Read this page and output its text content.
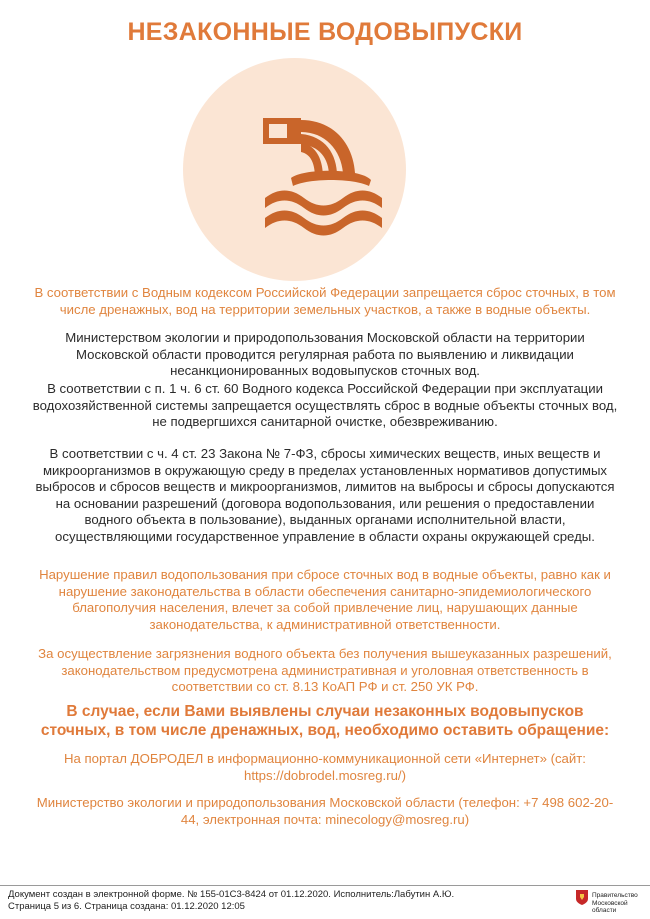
НЕЗАКОННЫЕ ВОДОВЫПУСКИ
В соответствии с Водным кодексом Российской Федерации запрещается сброс сточных, в том числе дренажных, вод на территории земельных участков, а также в водные объекты.
Министерством экологии и природопользования Московской области на территории Московской области проводится регулярная работа по выявлению и ликвидации несанкционированных водовыпусков сточных вод.
В соответствии с п. 1 ч. 6 ст. 60 Водного кодекса Российской Федерации при эксплуатации водохозяйственной системы запрещается осуществлять сброс в водные объекты сточных вод, не подвергшихся санитарной очистке, обезвреживанию.
В соответствии с ч. 4 ст. 23 Закона № 7-ФЗ, сбросы химических веществ, иных веществ и микроорганизмов в окружающую среду в пределах установленных нормативов допустимых выбросов и сбросов веществ и микроорганизмов, лимитов на выбросы и сбросы допускаются на основании разрешений (договора водопользования, или решения о предоставлении водного объекта в пользование), выданных органами исполнительной власти, осуществляющими государственное управление в области охраны окружающей среды.
Нарушение правил водопользования при сбросе сточных вод в водные объекты, равно как и нарушение законодательства в области обеспечения санитарно-эпидемиологического благополучия населения, влечет за собой привлечение лиц, нарушающих данные законодательства, к административной ответственности.
За осуществление загрязнения водного объекта без получения вышеуказанных разрешений, законодательством предусмотрена административная и уголовная ответственность в соответствии со ст. 8.13 КоАП РФ и ст. 250 УК РФ.
В случае, если Вами выявлены случаи незаконных водовыпусков сточных, в том числе дренажных, вод, необходимо оставить обращение:
На портал ДОБРОДЕЛ в информационно-коммуникационной сети «Интернет» (сайт: https://dobrodel.mosreg.ru/)
Министерство экологии и природопользования Московской области (телефон: +7 498 602-20-44, электронная почта: minecology@mosreg.ru)
Документ создан в электронной форме. № 155-01С3-8424 от 01.12.2020. Исполнитель:Лабутин А.Ю.
Страница 5 из 6. Страница создана: 01.12.2020 12:05
Правительство
Московской области
